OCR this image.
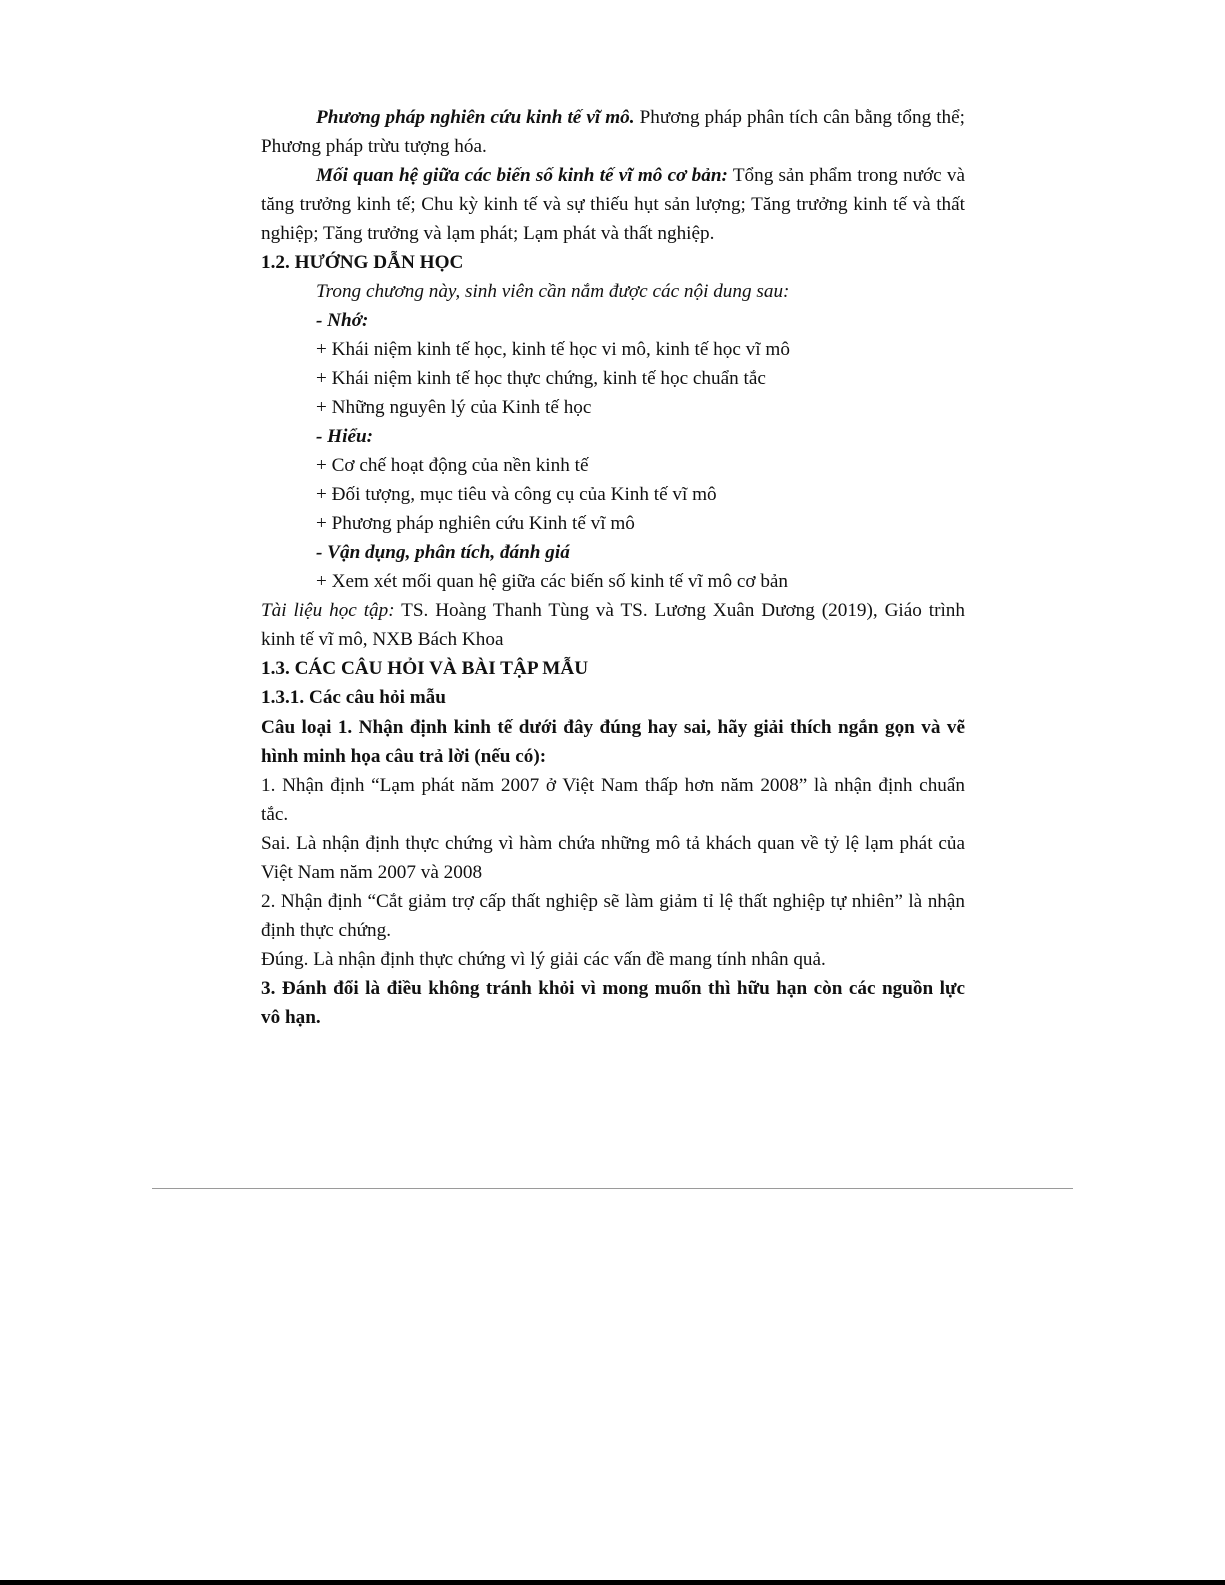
Phương pháp nghiên cứu kinh tế vĩ mô. Phương pháp phân tích cân bằng tổng thể;
Phương pháp trừu tượng hóa.
Mối quan hệ giữa các biến số kinh tế vĩ mô cơ bản: Tổng sản phẩm trong nước và
tăng trưởng kinh tế; Chu kỳ kinh tế và sự thiếu hụt sản lượng; Tăng trưởng kinh tế và thất
nghiệp; Tăng trưởng và lạm phát; Lạm phát và thất nghiệp.
1.2. HƯỚNG DẪN HỌC
Trong chương này, sinh viên cần nắm được các nội dung sau:
- Nhớ:
+ Khái niệm kinh tế học, kinh tế học vi mô, kinh tế học vĩ mô
+ Khái niệm kinh tế học thực chứng, kinh tế học chuẩn tắc
+ Những nguyên lý của Kinh tế học
- Hiểu:
+ Cơ chế hoạt động của nền kinh tế
+ Đối tượng, mục tiêu và công cụ của Kinh tế vĩ mô
+ Phương pháp nghiên cứu Kinh tế vĩ mô
- Vận dụng, phân tích, đánh giá
+ Xem xét mối quan hệ giữa các biến số kinh tế vĩ mô cơ bản
Tài liệu học tập: TS. Hoàng Thanh Tùng và TS. Lương Xuân Dương (2019), Giáo trình
kinh tế vĩ mô, NXB Bách Khoa
1.3. CÁC CÂU HỎI VÀ BÀI TẬP MẪU
1.3.1. Các câu hỏi mẫu
Câu loại 1. Nhận định kinh tế dưới đây đúng hay sai, hãy giải thích ngắn gọn và vẽ
hình minh họa câu trả lời (nếu có):
1. Nhận định “Lạm phát năm 2007 ở Việt Nam thấp hơn năm 2008” là nhận định chuẩn
tắc.
Sai. Là nhận định thực chứng vì hàm chứa những mô tả khách quan về tỷ lệ lạm phát của
Việt Nam năm 2007 và 2008
2. Nhận định “Cắt giảm trợ cấp thất nghiệp sẽ làm giảm tỉ lệ thất nghiệp tự nhiên” là nhận
định thực chứng.
Đúng. Là nhận định thực chứng vì lý giải các vấn đề mang tính nhân quả.
3. Đánh đổi là điều không tránh khỏi vì mong muốn thì hữu hạn còn các nguồn lực
vô hạn.
